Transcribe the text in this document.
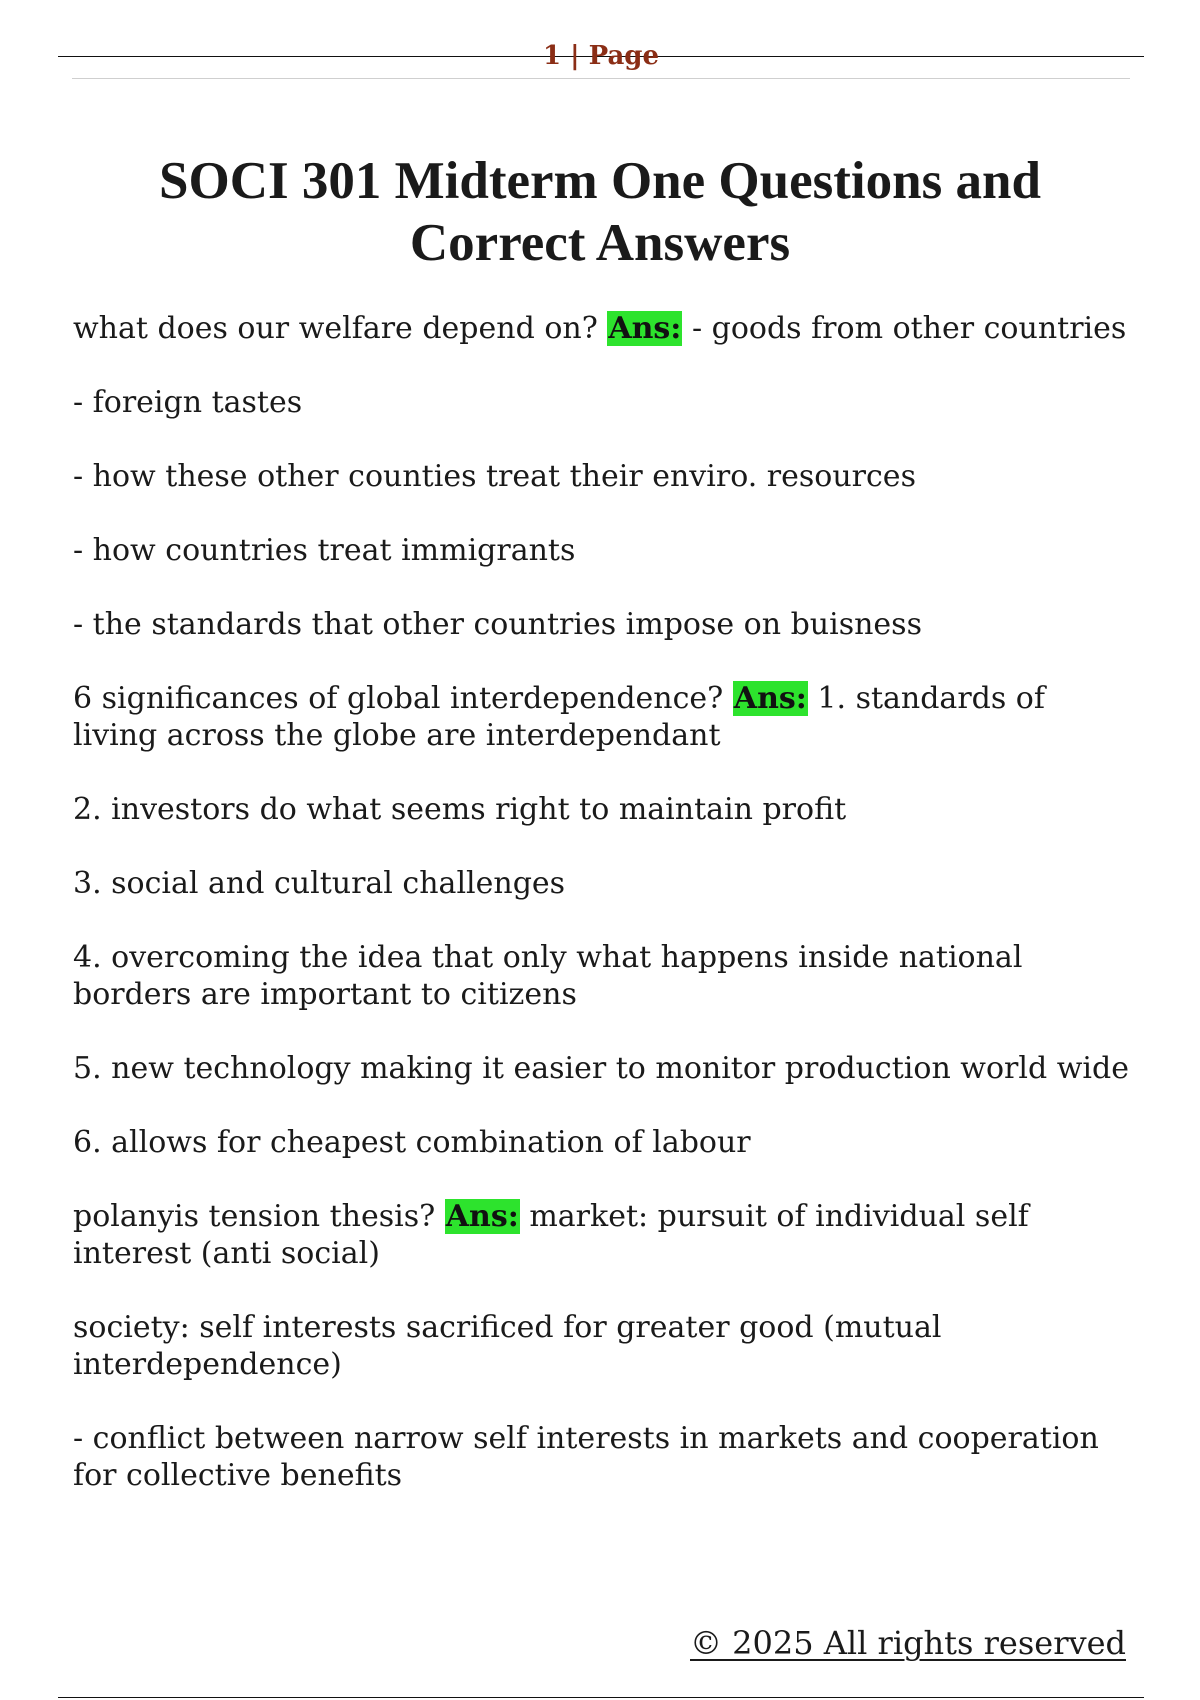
1 | Page
SOCI 301 Midterm One Questions and Correct Answers

what does our welfare depend on? Ans: - goods from other countries

- foreign tastes

- how these other counties treat their enviro. resources

- how countries treat immigrants

- the standards that other countries impose on buisness

6 significances of global interdependence? Ans: 1. standards of living across the globe are interdependant

2. investors do what seems right to maintain profit

3. social and cultural challenges

4. overcoming the idea that only what happens inside national borders are important to citizens

5. new technology making it easier to monitor production world wide

6. allows for cheapest combination of labour

polanyis tension thesis? Ans: market: pursuit of individual self interest (anti social)

society: self interests sacrificed for greater good (mutual interdependence)

- conflict between narrow self interests in markets and cooperation for collective benefits

© 2025 All rights reserved
